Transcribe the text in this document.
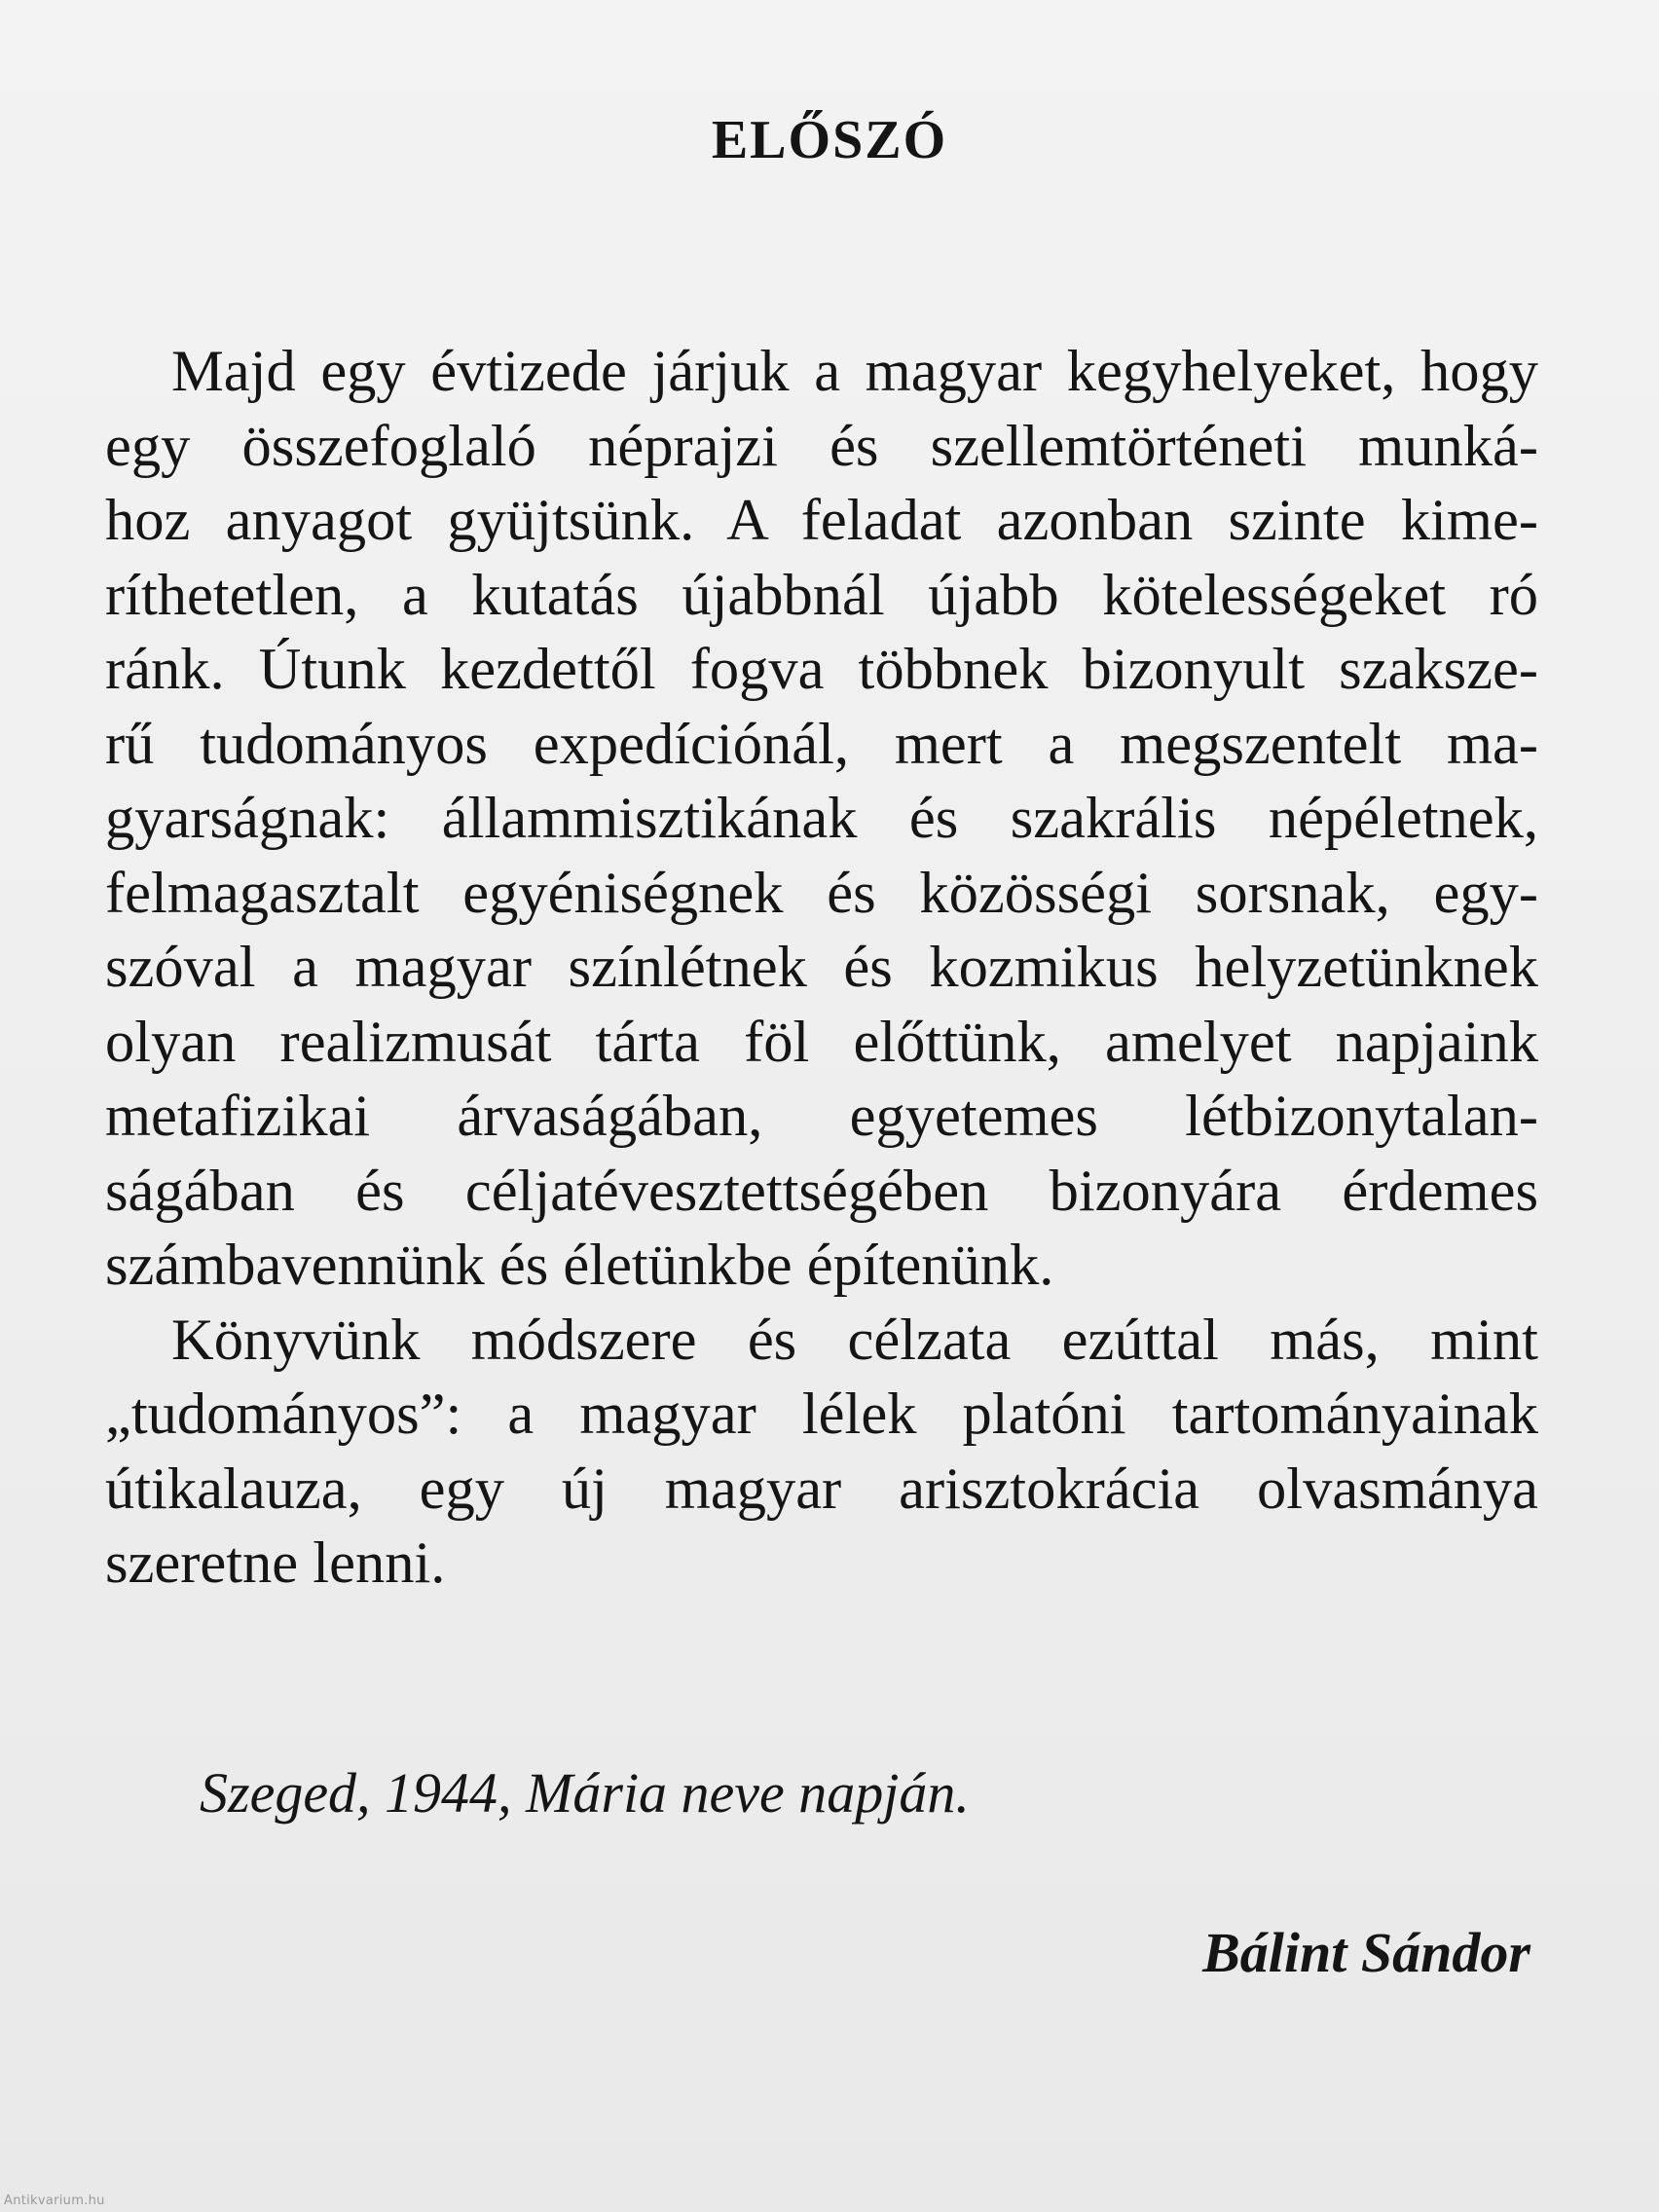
ELŐSZÓ
Majd egy évtizede járjuk a magyar kegyhelyeket, hogy
egy összefoglaló néprajzi és szellemtörténeti munká-
hoz anyagot gyüjtsünk. A feladat azonban szinte kime-
ríthetetlen, a kutatás újabbnál újabb kötelességeket ró
ránk. Útunk kezdettől fogva többnek bizonyult szaksze-
rű tudományos expedíciónál, mert a megszentelt ma-
gyarságnak: állammisztikának és szakrális népéletnek,
felmagasztalt egyéniségnek és közösségi sorsnak, egy-
szóval a magyar színlétnek és kozmikus helyzetünknek
olyan realizmusát tárta föl előttünk, amelyet napjaink
metafizikai árvaságában, egyetemes létbizonytalan-
ságában és céljatévesztettségében bizonyára érdemes
számbavennünk és életünkbe építenünk.
Könyvünk módszere és célzata ezúttal más, mint
„tudományos”: a magyar lélek platóni tartományainak
útikalauza, egy új magyar arisztokrácia olvasmánya
szeretne lenni.
Szeged, 1944, Mária neve napján.
Bálint Sándor
Antikvarium.hu
